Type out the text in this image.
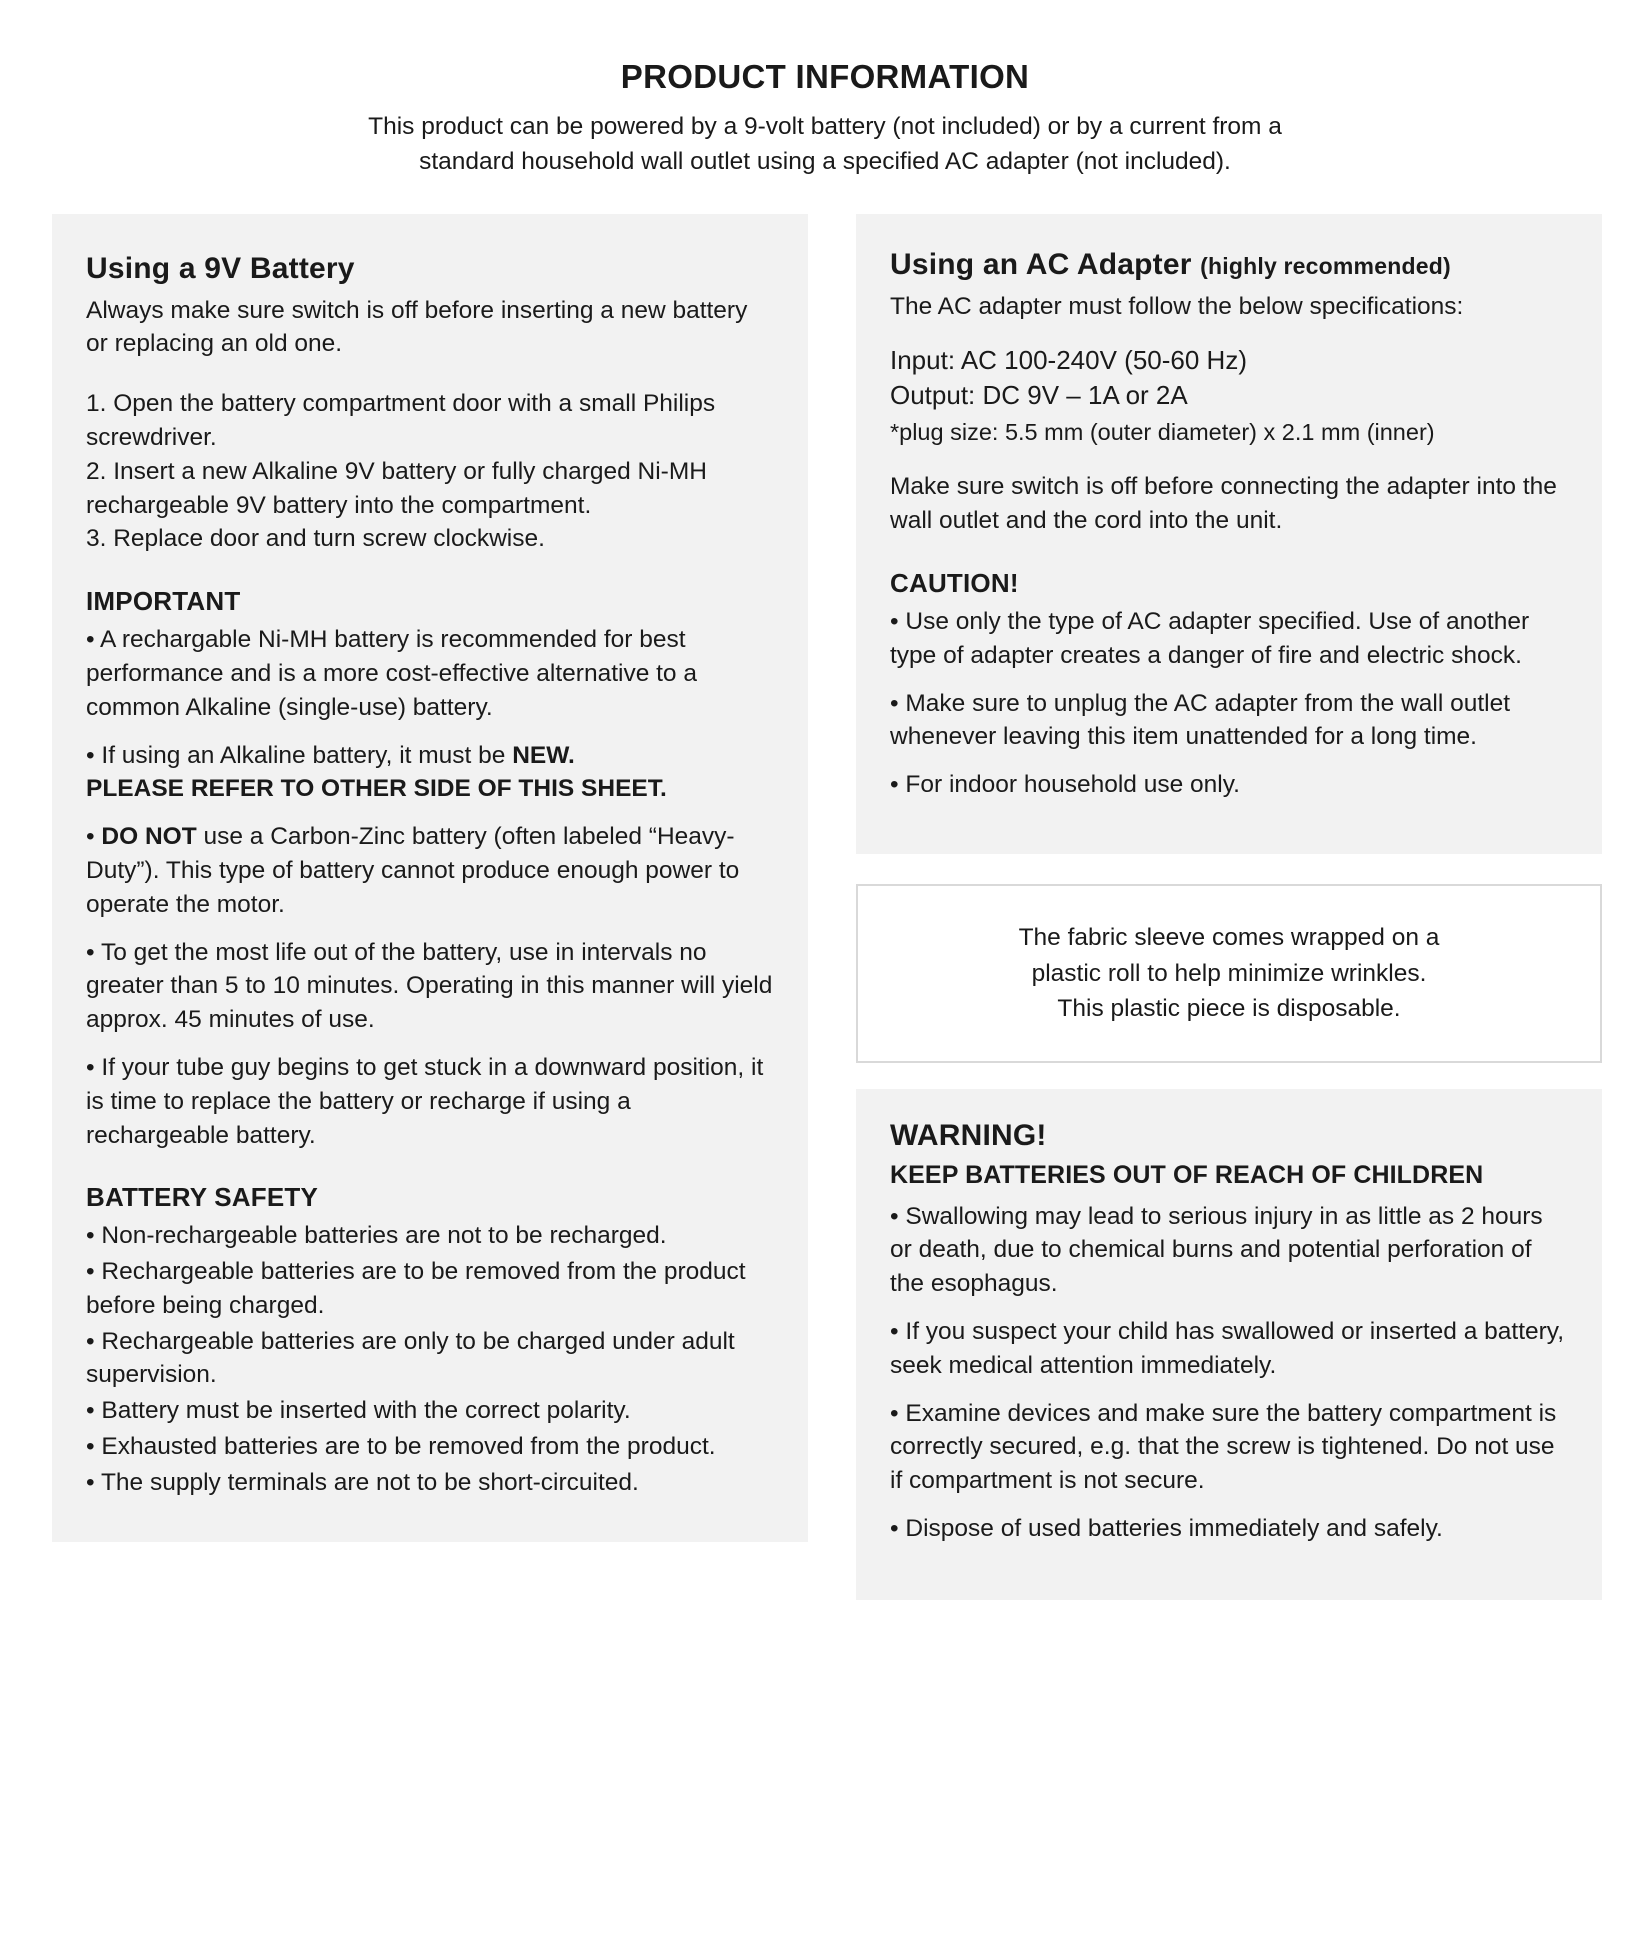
PRODUCT INFORMATION

This product can be powered by a 9-volt battery (not included) or by a current from a
standard household wall outlet using a specified AC adapter (not included).

Using a 9V Battery

Always make sure switch is off before inserting a new battery or replacing an old one.

1. Open the battery compartment door with a small Philips screwdriver.
2. Insert a new Alkaline 9V battery or fully charged Ni-MH rechargeable 9V battery into the compartment.
3. Replace door and turn screw clockwise.
IMPORTANT
• A rechargable Ni-MH battery is recommended for best performance and is a more cost-effective alternative to a common Alkaline (single-use) battery.
• If using an Alkaline battery, it must be NEW.
PLEASE REFER TO OTHER SIDE OF THIS SHEET.
• DO NOT use a Carbon-Zinc battery (often labeled “Heavy-Duty”). This type of battery cannot produce enough power to operate the motor.
• To get the most life out of the battery, use in intervals no greater than 5 to 10 minutes. Operating in this manner will yield approx. 45 minutes of use.
• If your tube guy begins to get stuck in a downward position, it is time to replace the battery or recharge if using a rechargeable battery.
BATTERY SAFETY
• Non-rechargeable batteries are not to be recharged.
• Rechargeable batteries are to be removed from the product before being charged.
• Rechargeable batteries are only to be charged under adult supervision.
• Battery must be inserted with the correct polarity.
• Exhausted batteries are to be removed from the product.
• The supply terminals are not to be short-circuited.
Using an AC Adapter (highly recommended)

The AC adapter must follow the below specifications:

Input: AC 100-240V (50-60 Hz)

Output: DC 9V – 1A or 2A

*plug size: 5.5 mm (outer diameter) x 2.1 mm (inner)

Make sure switch is off before connecting the adapter into the wall outlet and the cord into the unit.

CAUTION!
• Use only the type of AC adapter specified. Use of another type of adapter creates a danger of fire and electric shock.
• Make sure to unplug the AC adapter from the wall outlet whenever leaving this item unattended for a long time.
• For indoor household use only.

The fabric sleeve comes wrapped on a

plastic roll to help minimize wrinkles.

This plastic piece is disposable.

WARNING!

KEEP BATTERIES OUT OF REACH OF CHILDREN

• Swallowing may lead to serious injury in as little as 2 hours or death, due to chemical burns and potential perforation of the esophagus.
• If you suspect your child has swallowed or inserted a battery, seek medical attention immediately.
• Examine devices and make sure the battery compartment is correctly secured, e.g. that the screw is tightened. Do not use if compartment is not secure.
• Dispose of used batteries immediately and safely.
